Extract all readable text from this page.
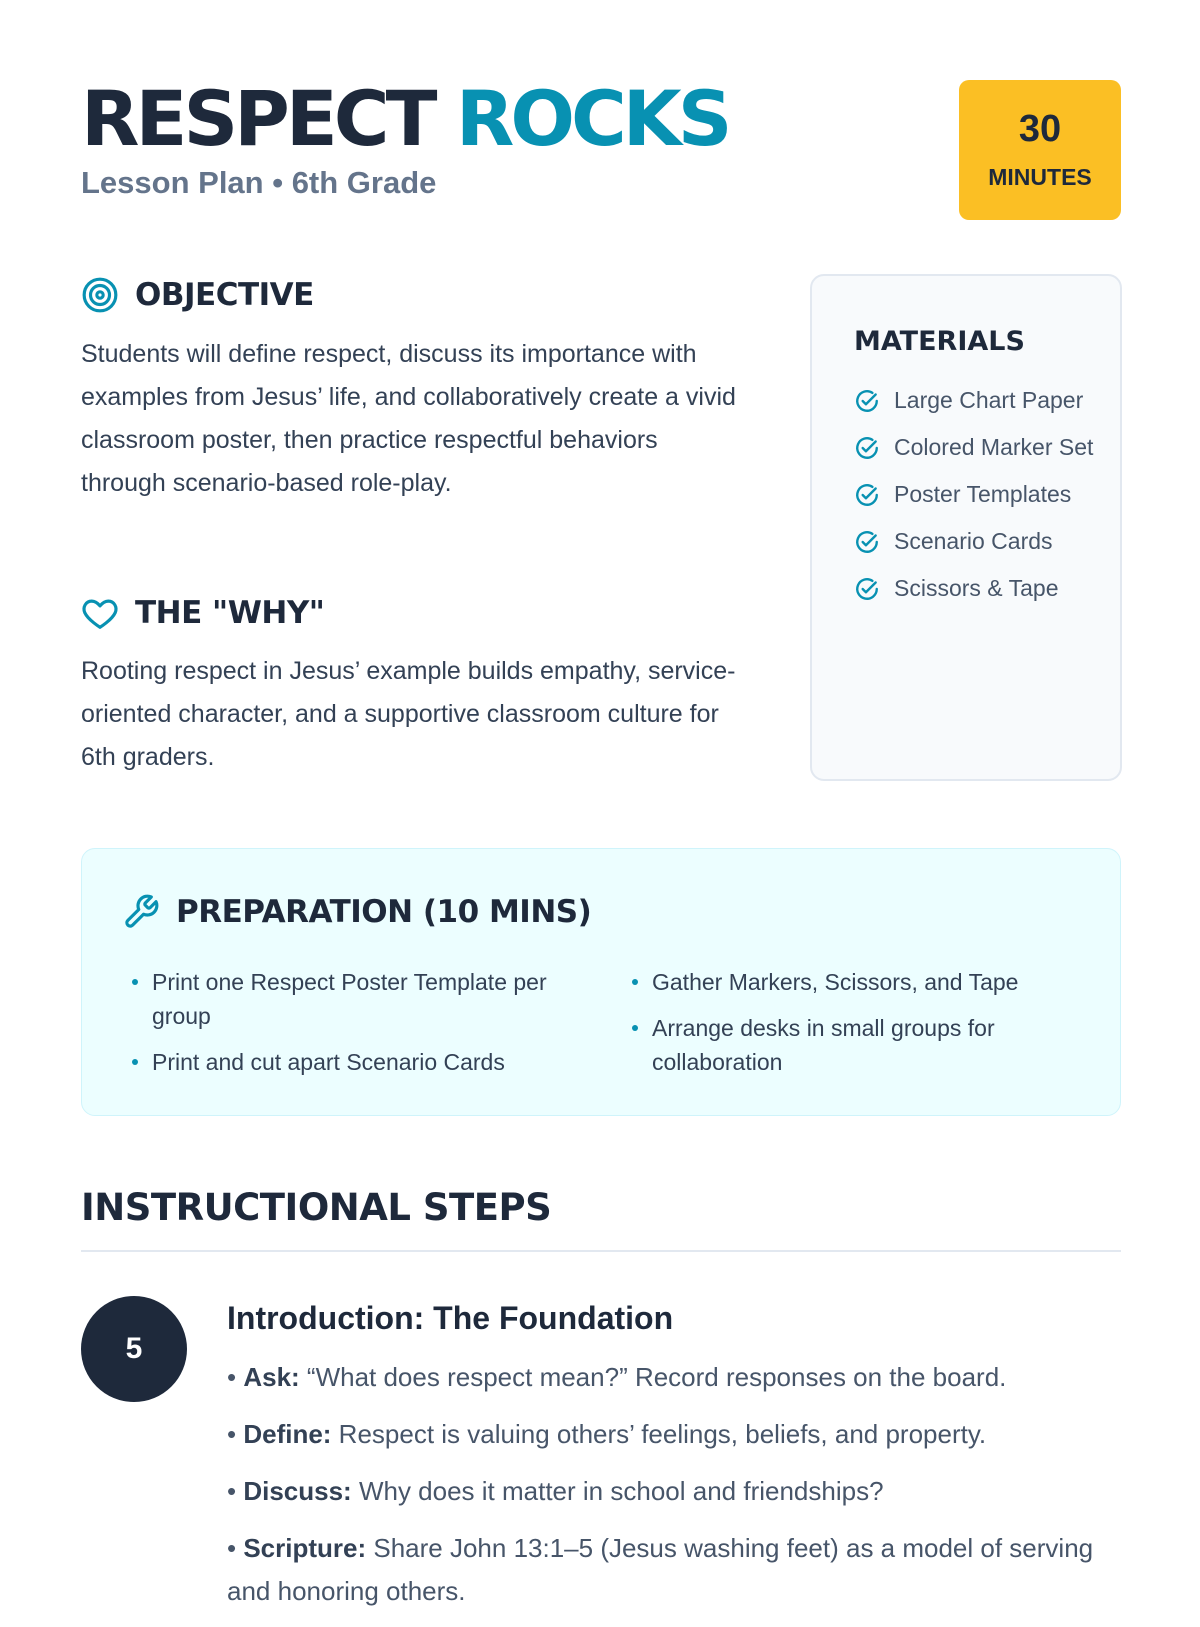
RESPECT ROCKS
Lesson Plan • 6th Grade
30
MINUTES
OBJECTIVE

Students will define respect, discuss its importance with examples from Jesus’ life, and collaboratively create a vivid classroom poster, then practice respectful behaviors through scenario-based role-play.

THE "WHY"

Rooting respect in Jesus’ example builds empathy, service-oriented character, and a supportive classroom culture for 6th graders.

MATERIALS
Large Chart Paper
Colored Marker Set
Poster Templates
Scenario Cards
Scissors & Tape
PREPARATION (10 MINS)
Print one Respect Poster Template per group
Print and cut apart Scenario Cards
Gather Markers, Scissors, and Tape
Arrange desks in small groups for collaboration
INSTRUCTIONAL STEPS
5
Introduction: The Foundation
• Ask: “What does respect mean?” Record responses on the board.
• Define: Respect is valuing others’ feelings, beliefs, and property.
• Discuss: Why does it matter in school and friendships?
• Scripture: Share John 13:1–5 (Jesus washing feet) as a model of serving and honoring others.
